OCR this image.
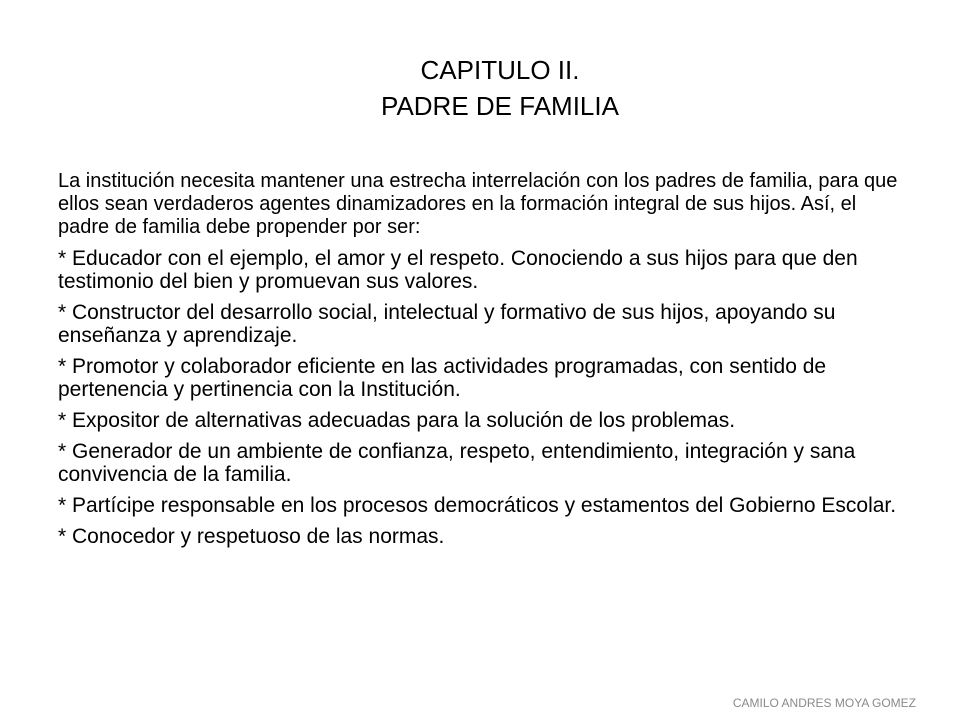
CAPITULO II.
PADRE DE FAMILIA

La institución necesita mantener una estrecha interrelación con los padres de familia, para que ellos sean verdaderos agentes dinamizadores en la formación integral de sus hijos. Así, el padre de familia debe propender por ser:

* Educador con el ejemplo, el amor y el respeto. Conociendo a sus hijos para que den testimonio del bien y promuevan sus valores.

* Constructor del desarrollo social, intelectual y formativo de sus hijos, apoyando su enseñanza y aprendizaje.

* Promotor y colaborador eficiente en las actividades programadas, con sentido de pertenencia y pertinencia con la Institución.

* Expositor de alternativas adecuadas para la solución de los problemas.

* Generador de un ambiente de confianza, respeto, entendimiento, integración y sana convivencia de la familia.

* Partícipe responsable en los procesos democráticos y estamentos del Gobierno Escolar.

* Conocedor y respetuoso de las normas.

CAMILO ANDRES MOYA GOMEZ
